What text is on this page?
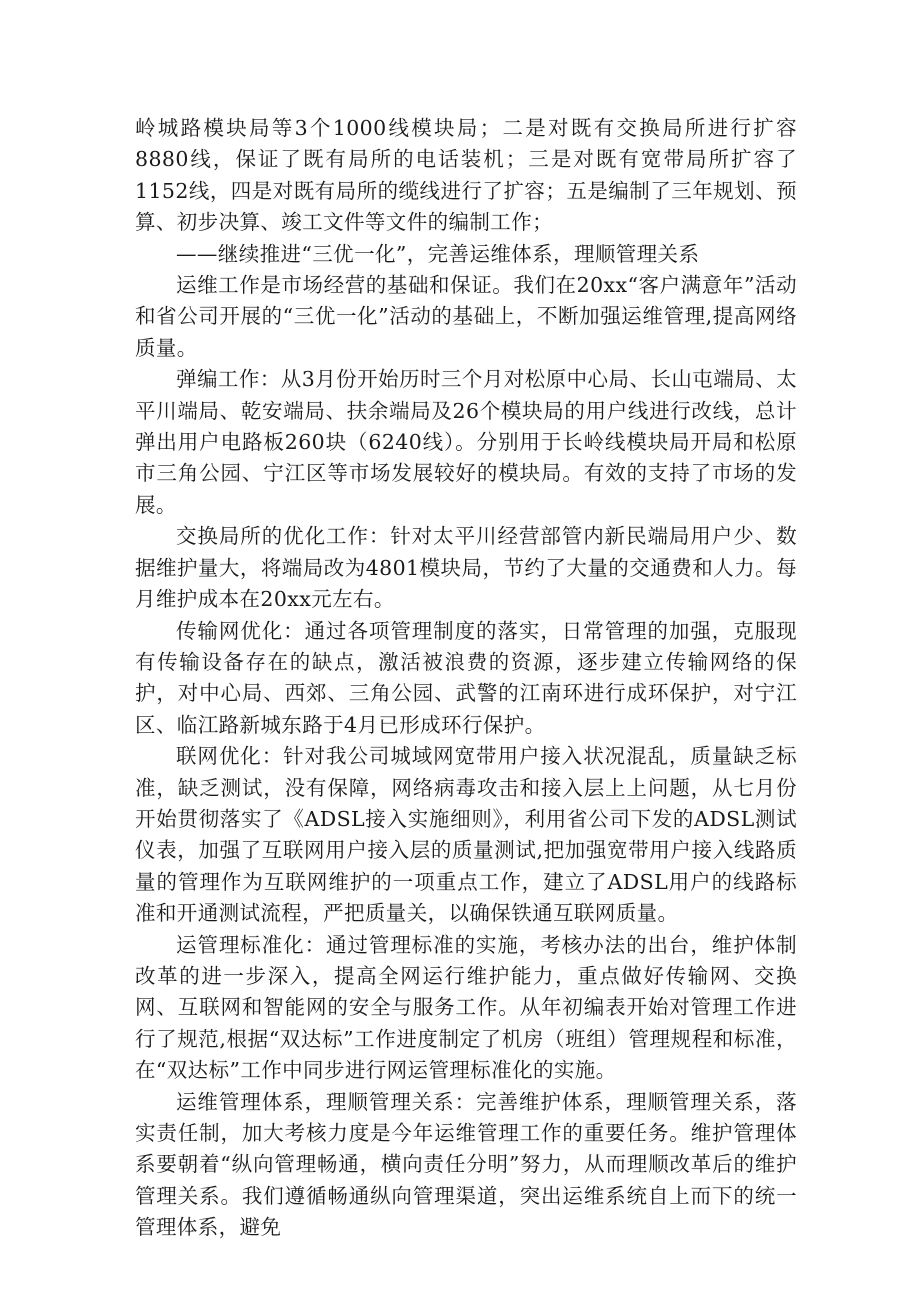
岭城路模块局等3个1000线模块局；二是对既有交换局所进行扩容8880线，保证了既有局所的电话装机；三是对既有宽带局所扩容了1152线，四是对既有局所的缆线进行了扩容；五是编制了三年规划、预算、初步决算、竣工文件等文件的编制工作；

——继续推进“三优一化”，完善运维体系，理顺管理关系

运维工作是市场经营的基础和保证。我们在20xx“客户满意年”活动和省公司开展的“三优一化”活动的基础上，不断加强运维管理,提高网络质量。

弹编工作：从3月份开始历时三个月对松原中心局、长山屯端局、太平川端局、乾安端局、扶余端局及26个模块局的用户线进行改线，总计弹出用户电路板260块（6240线）。分别用于长岭线模块局开局和松原市三角公园、宁江区等市场发展较好的模块局。有效的支持了市场的发展。

交换局所的优化工作：针对太平川经营部管内新民端局用户少、数据维护量大，将端局改为4801模块局，节约了大量的交通费和人力。每月维护成本在20xx元左右。

传输网优化：通过各项管理制度的落实，日常管理的加强，克服现有传输设备存在的缺点，激活被浪费的资源，逐步建立传输网络的保护，对中心局、西郊、三角公园、武警的江南环进行成环保护，对宁江区、临江路新城东路于4月已形成环行保护。

联网优化：针对我公司城域网宽带用户接入状况混乱，质量缺乏标准，缺乏测试，没有保障，网络病毒攻击和接入层上上问题，从七月份开始贯彻落实了《ADSL接入实施细则》，利用省公司下发的ADSL测试仪表，加强了互联网用户接入层的质量测试,把加强宽带用户接入线路质量的管理作为互联网维护的一项重点工作，建立了ADSL用户的线路标准和开通测试流程，严把质量关，以确保铁通互联网质量。

运管理标准化：通过管理标准的实施，考核办法的出台，维护体制改革的进一步深入，提高全网运行维护能力，重点做好传输网、交换网、互联网和智能网的安全与服务工作。从年初编表开始对管理工作进行了规范,根据“双达标”工作进度制定了机房（班组）管理规程和标准，在“双达标”工作中同步进行网运管理标准化的实施。

运维管理体系，理顺管理关系：完善维护体系，理顺管理关系，落实责任制，加大考核力度是今年运维管理工作的重要任务。维护管理体系要朝着“纵向管理畅通，横向责任分明”努力，从而理顺改革后的维护管理关系。我们遵循畅通纵向管理渠道，突出运维系统自上而下的统一管理体系，避免
